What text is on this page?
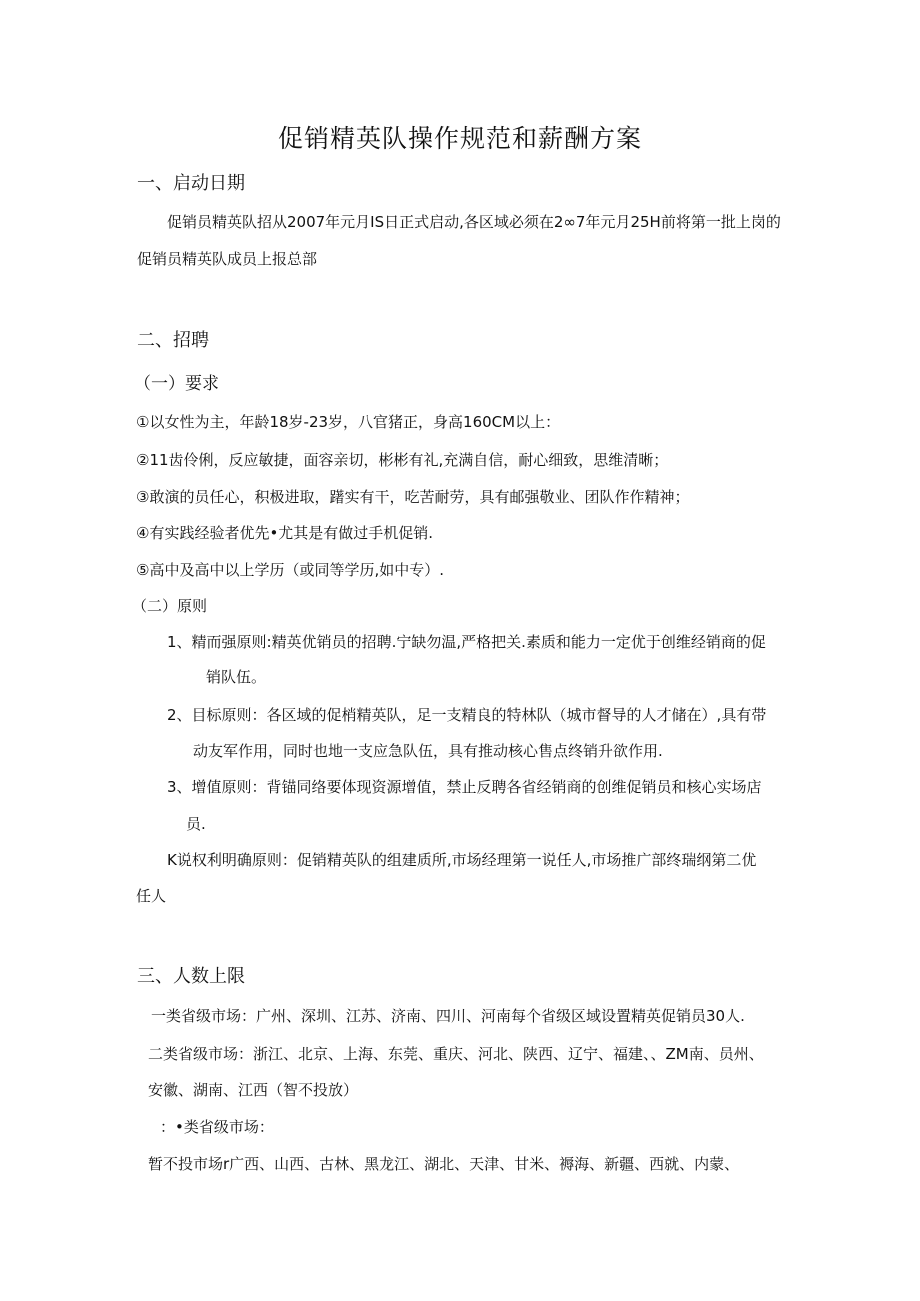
促销精英队操作规范和薪酬方案
一、启动日期
促销员精英队招从2007年元月IS日正式启动,各区域必须在2∞7年元月25H前将第一批上岗的
促销员精英队成员上报总部
二、招聘
（一）要求
①以女性为主，年龄18岁-23岁，八官猪正，身高160CM以上：
②11齿伶俐，反应敏捷，面容亲切，彬彬有礼,充满自信，耐心细致，思维清晰；
③敢演的员任心，积极进取，躇实有干，吃苦耐劳，具有邮强敬业、团队作作精神；
④有实践经验者优先•尤其是有做过手机促销.
⑤高中及高中以上学历（或同等学历,如中专）.
（二）原则
1、精而强原则:精英优销员的招聘.宁缺勿温,严格把关.素质和能力一定优于创维经销商的促
销队伍。
2、目标原则：各区域的促梢精英队，足一支精良的特林队（城市督导的人才储在）,具有带
动友军作用，同时也地一支应急队伍，具有推动核心售点终销升欲作用.
3、增值原则：背锚同络要体现资源增值，禁止反聘各省经销商的创维促销员和核心实场店
员.
K说权利明确原则：促销精英队的组建质所,市场经理第一说任人,市场推广部终瑞纲第二优
任人
三、人数上限
一类省级市场：广州、深圳、江苏、济南、四川、河南每个省级区域设置精英促销员30人.
二类省级市场：浙江、北京、上海、东莞、重庆、河北、陕西、辽宁、福建、、ZM南、员州、
安徽、湖南、江西（智不投放）
：•类省级市场：
暂不投市场r广西、山西、古林、黑龙江、湖北、天津、甘米、褥海、新疆、西就、内蒙、
